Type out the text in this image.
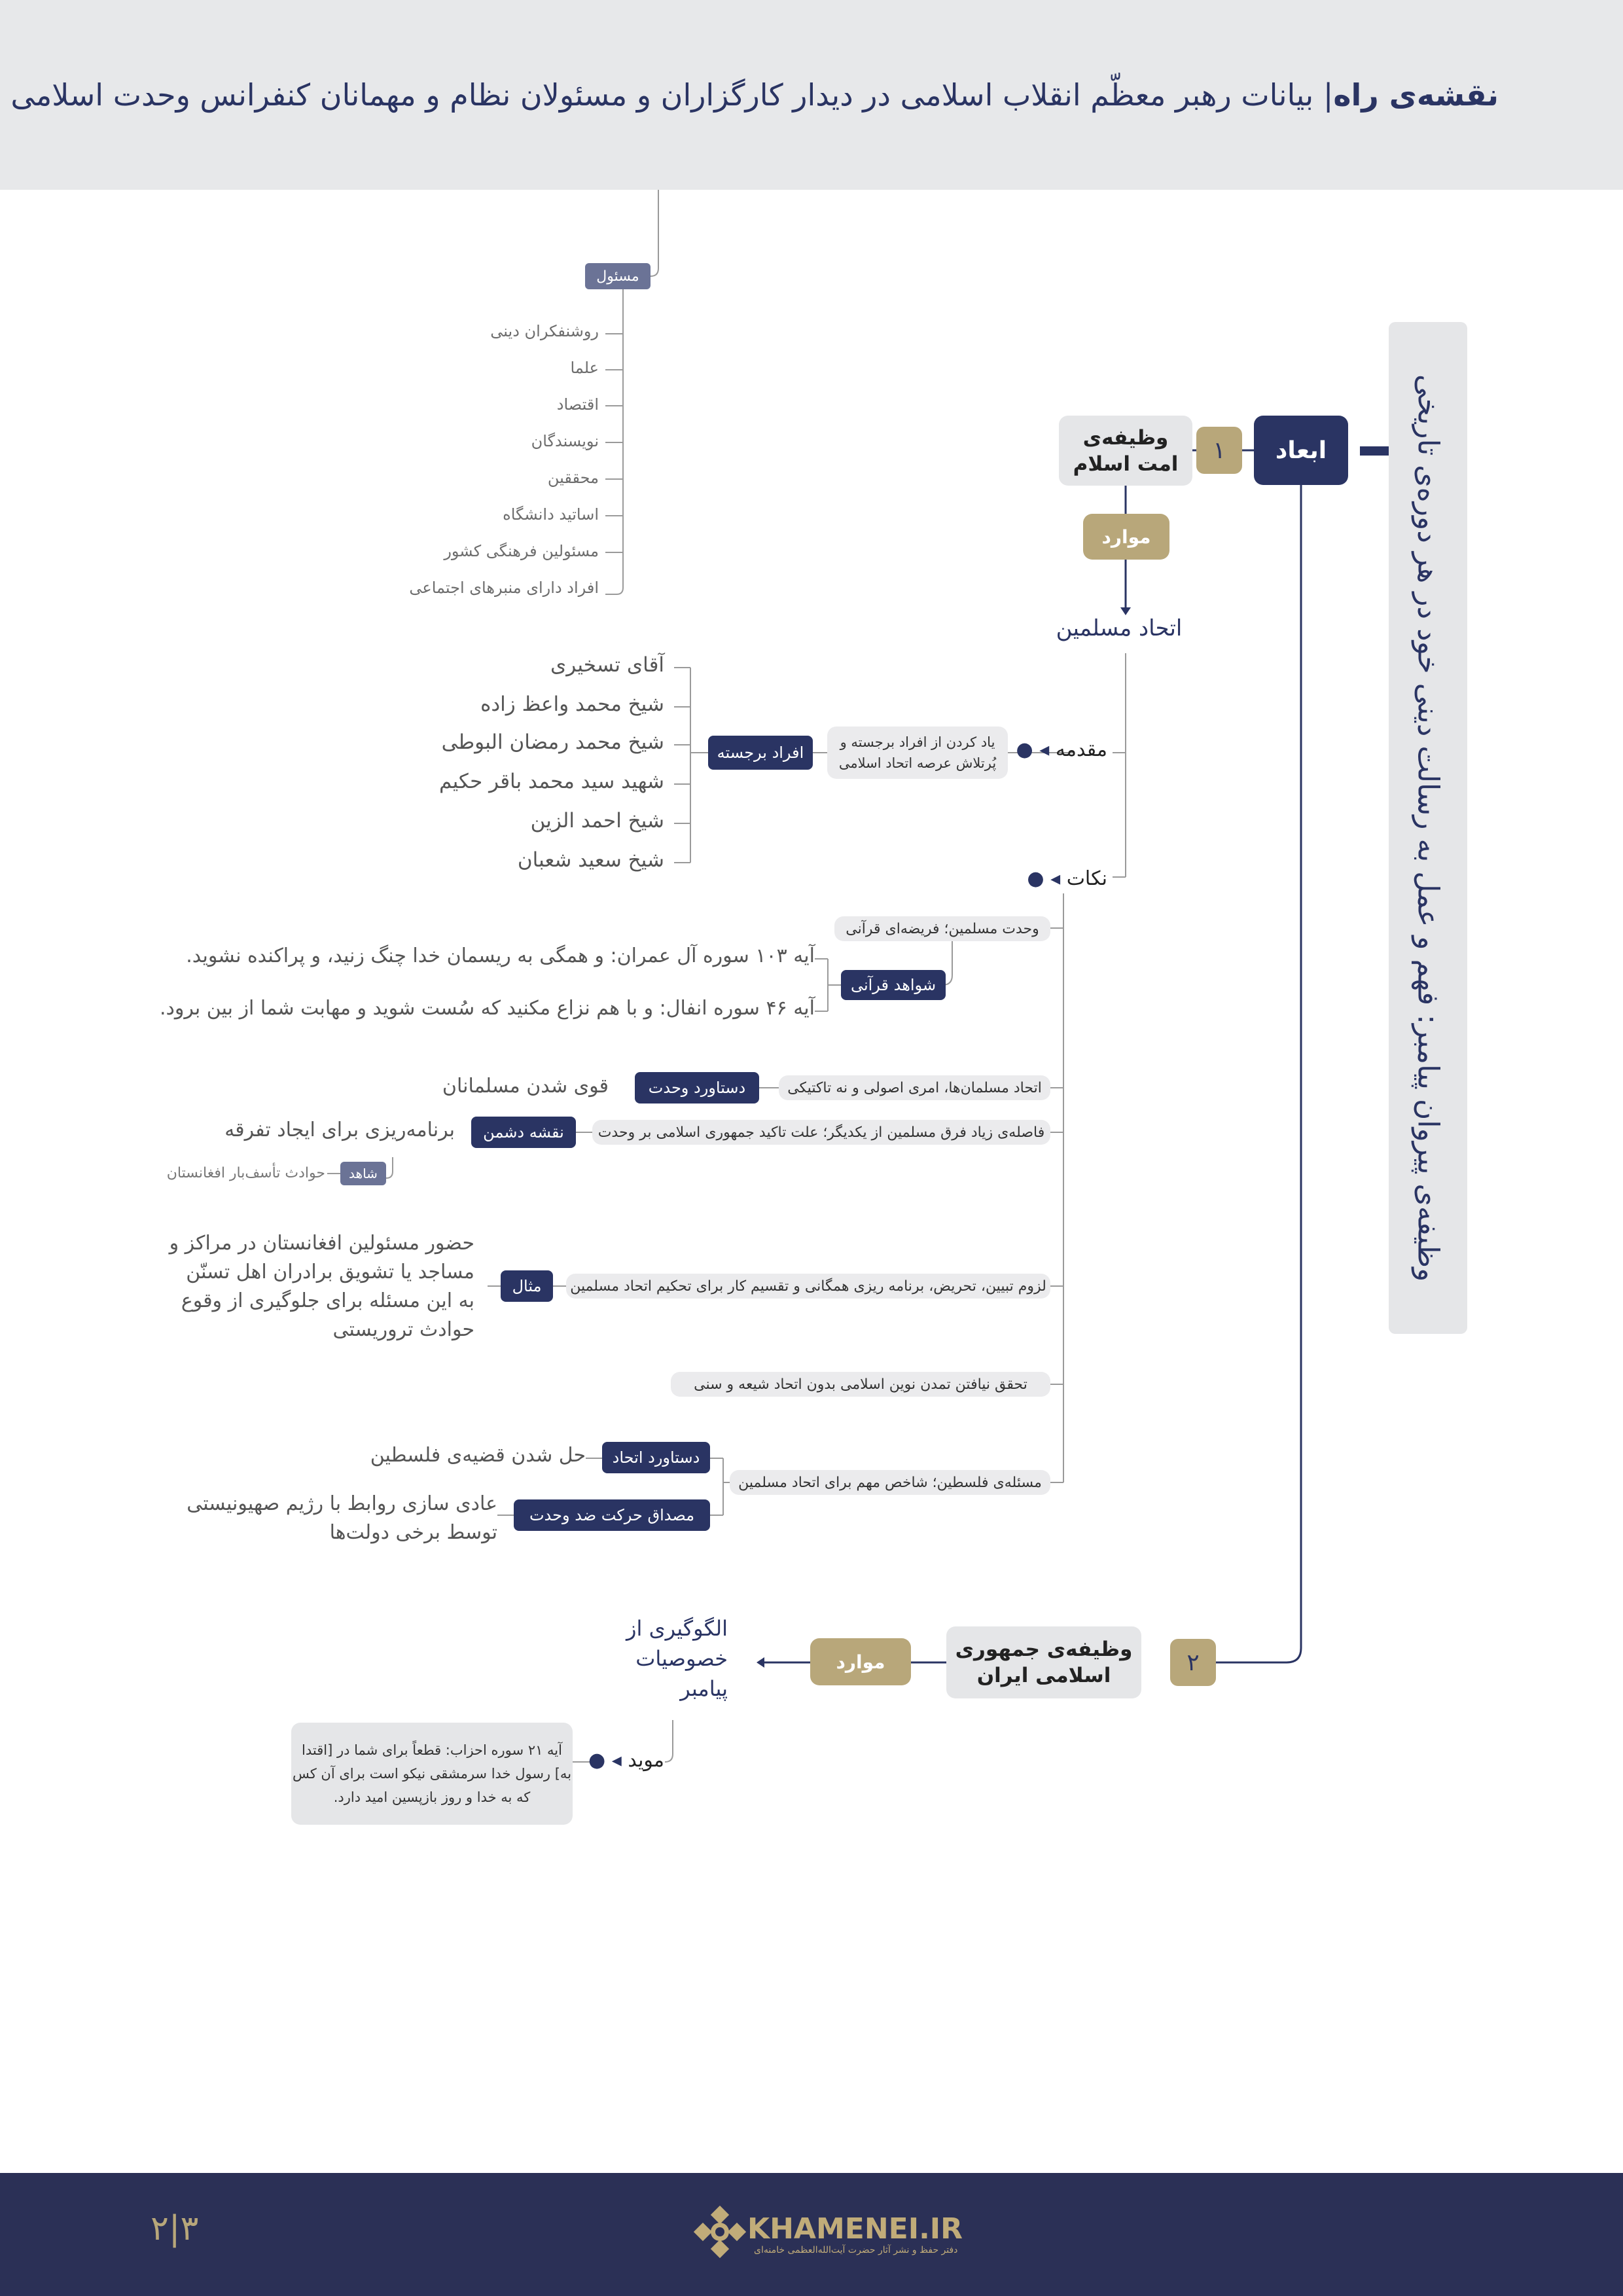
نقشه‌ی راه| بیانات رهبر معظّم انقلاب اسلامی در دیدار کارگزاران و مسئولان نظام و مهمانان کنفرانس وحدت اسلامی
وظیفه‌ی پیروان پیامبر: فهم و عمل به رسالت دینی خود در هر دوره‌ی تاریخی
ابعاد
۱
وظیفه‌ی
امت اسلام
موارد
اتحاد مسلمین
مسئول
روشنفکران دینی
علما
اقتصاد
نویسندگان
محققین
اساتید دانشگاه
مسئولین فرهنگی کشور
افراد دارای منبرهای اجتماعی
مقدمه ◂ ●
یاد کردن از افراد برجسته و
پُرتلاش عرصه اتحاد اسلامی
افراد برجسته
آقای تسخیری
شیخ محمد واعظ زاده
شیخ محمد رمضان البوطی
شهید سید محمد باقر حکیم
شیخ احمد الزین
شیخ سعید شعبان
نکات ◂ ●
وحدت مسلمین؛ فریضه‌ای قرآنی
شواهد قرآنی
آیه ۱۰۳ سوره آل عمران: و همگی به ریسمان خدا چنگ زنید، و پراکنده نشوید.
آیه ۴۶ سوره انفال: و با هم نزاع مکنید که سُست شوید و مهابت شما از بین برود.
اتحاد مسلمان‌ها، امری اصولی و نه تاکتیکی
دستاورد وحدت
قوی شدن مسلمانان
فاصله‌ی زیاد فرق مسلمین از یکدیگر؛ علت تاکید جمهوری اسلامی بر وحدت
نقشه دشمن
برنامه‌ریزی برای ایجاد تفرقه
شاهد
حوادث تأسف‌بار افغانستان
لزوم تبیین، تحریض، برنامه ریزی همگانی و تقسیم کار برای تحکیم اتحاد مسلمین
مثال
حضور مسئولین افغانستان در مراکز و
مساجد یا تشویق برادران اهل تسنّن
به این مسئله برای جلوگیری از وقوع
حوادث تروریستی
تحقق نیافتن تمدن نوین اسلامی بدون اتحاد شیعه و سنی
مسئله‌ی فلسطین؛ شاخص مهم برای اتحاد مسلمین
دستاورد اتحاد
حل شدن قضیه‌ی فلسطین
مصداق حرکت ضد وحدت
عادی سازی روابط با رژیم صهیونیستی
توسط برخی دولت‌ها
۲
وظیفه‌ی جمهوری
اسلامی ایران
موارد
الگوگیری از
خصوصیات
پیامبر
موید ◂ ●
آیه ۲۱ سوره احزاب: قطعاً برای شما در [اقتدا
به] رسول خدا سرمشقی نیکو است برای آن کس
که به خدا و روز بازپسین امید دارد.
۲|۳	KHAMENEI.IR
دفتر حفظ و نشر آثار حضرت آیت‌الله‌العظمی خامنه‌ای
